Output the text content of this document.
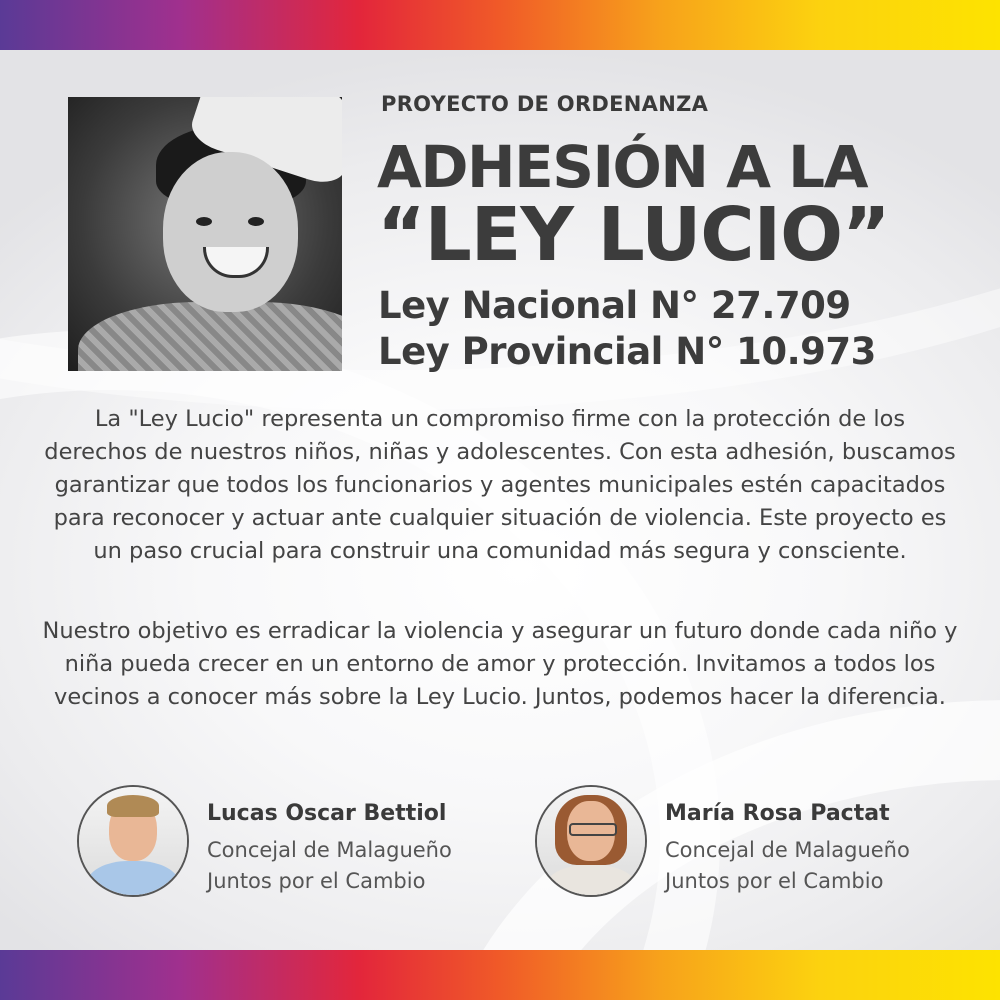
PROYECTO DE ORDENANZA
ADHESIÓN A LA
“LEY LUCIO”
Ley Nacional N° 27.709
Ley Provincial N° 10.973
La "Ley Lucio" representa un compromiso firme con la protección de los derechos de nuestros niños, niñas y adolescentes. Con esta adhesión, buscamos garantizar que todos los funcionarios y agentes municipales estén capacitados para reconocer y actuar ante cualquier situación de violencia. Este proyecto es un paso crucial para construir una comunidad más segura y consciente.
Nuestro objetivo es erradicar la violencia y asegurar un futuro donde cada niño y niña pueda crecer en un entorno de amor y protección. Invitamos a todos los vecinos a conocer más sobre la Ley Lucio. Juntos, podemos hacer la diferencia.
Lucas Oscar Bettiol
Concejal de Malagueño
Juntos por el Cambio
María Rosa Pactat
Concejal de Malagueño
Juntos por el Cambio
